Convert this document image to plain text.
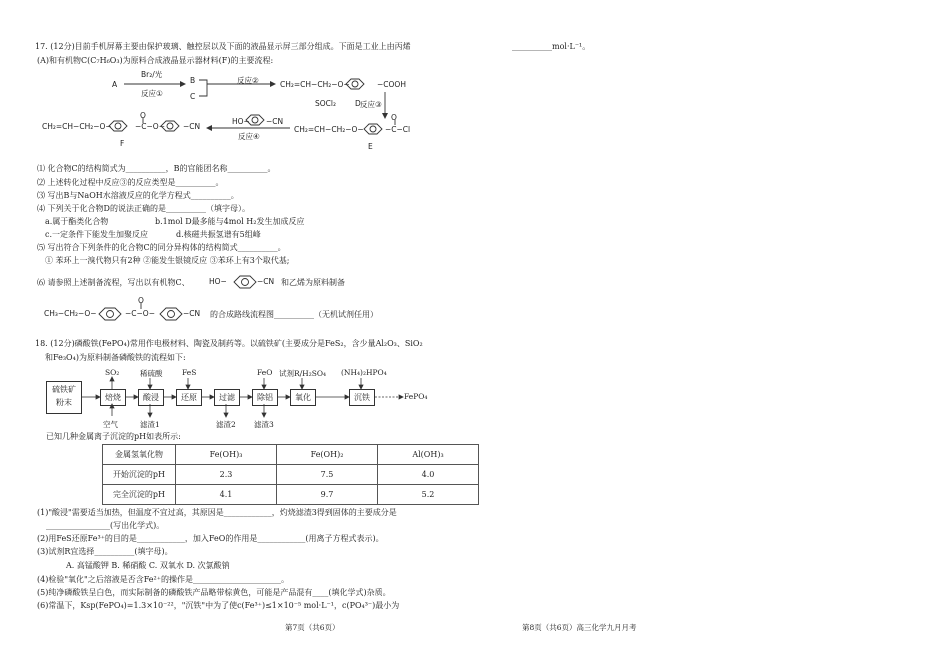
17. (12分)目前手机屏幕主要由保护玻璃、触控层以及下面的液晶显示屏三部分组成。下面是工业上由丙烯
(A)和有机物C(C₇H₆O₃)为原料合成液晶显示器材料(F)的主要流程:
__________mol·L⁻¹。
A
Br₂/光
反应①
B
C
反应②	CH₂=CH−CH₂−O−	−COOH
D
SOCl₂	反应③
CH₂=CH−CH₂−O−	−C−O−
O
−CN
F
HO− −CN
反应④
CH₂=CH−CH₂−O−	−C−Cl
O
E
⑴ 化合物C的结构简式为__________，B的官能团名称__________。
⑵ 上述转化过程中反应③的反应类型是__________。
⑶ 写出B与NaOH水溶液反应的化学方程式__________。
⑷ 下列关于化合物D的说法正确的是__________（填字母）。
a.属于酯类化合物	b.1mol D最多能与4mol H₂发生加成反应
c.一定条件下能发生加聚反应	d.核磁共振氢谱有5组峰
⑸ 写出符合下列条件的化合物C的同分异构体的结构简式__________。
① 苯环上一溴代物只有2种 ②能发生银镜反应 ③苯环上有3个取代基;
⑹ 请参照上述制备流程，写出以有机物C、	HO−	−CN 和乙烯为原料制备
CH₃−CH₂−O−	−C−O−
O
−CN 的合成路线流程图__________（无机试剂任用）
18. (12分)磷酸铁(FePO₄)常用作电极材料、陶瓷及制药等。以硫铁矿(主要成分是FeS₂，含少量Al₂O₃、SiO₂
和Fe₃O₄)为原料制备磷酸铁的流程如下:
硫铁矿
粉末
焙烧	酸浸	还原	过滤	除铝	氧化	沉铁
SO₂	稀硫酸	FeS	FeO 试剂R/H₂SO₄ (NH₄)₂HPO₄
空气	滤渣1	滤渣2 滤渣3
FePO₄
已知几种金属离子沉淀的pH如表所示:
金属氢氧化物	Fe(OH)₃	Fe(OH)₂	Al(OH)₃
开始沉淀的pH	2.3	7.5	4.0
完全沉淀的pH	4.1	9.7	5.2
(1)"酸浸"需要适当加热，但温度不宜过高，其原因是____________，灼烧滤渣3得到固体的主要成分是
________________(写出化学式)。
(2)用FeS还原Fe³⁺的目的是____________，加入FeO的作用是____________(用离子方程式表示)。
(3)试剂R宜选择__________(填字母)。
A. 高锰酸钾 B. 稀硝酸 C. 双氧水 D. 次氯酸钠
(4)检验"氧化"之后溶液是否含Fe²⁺的操作是______________________。
(5)纯净磷酸铁呈白色，而实际制备的磷酸铁产品略带棕黄色，可能是产品混有____(填化学式)杂质。
(6)常温下，Ksp(FePO₄)=1.3×10⁻²²，"沉铁"中为了使c(Fe³⁺)≤1×10⁻⁵ mol·L⁻¹，c(PO₄³⁻)最小为
第7页（共6页）	第8页（共6页）高三化学九月月考
